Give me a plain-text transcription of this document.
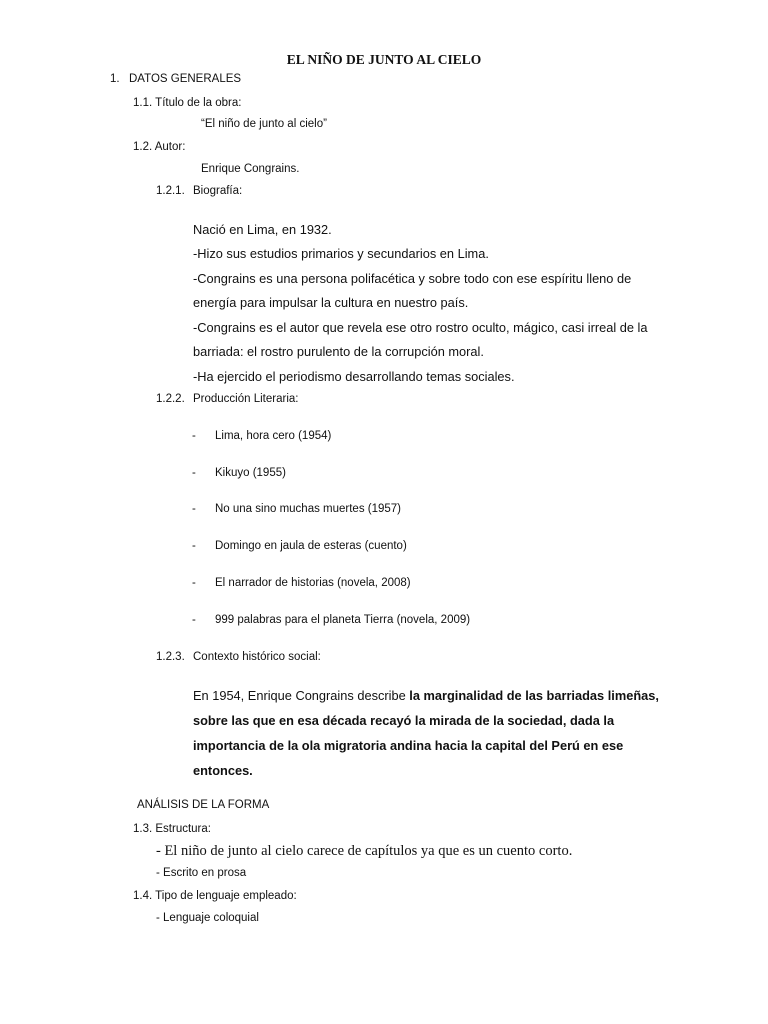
EL NIÑO DE JUNTO AL CIELO
1. DATOS GENERALES
1.1. Título de la obra:
“El niño de junto al cielo”
1.2. Autor:
Enrique Congrains.
1.2.1. Biografía:
Nació en Lima, en 1932.
-Hizo sus estudios primarios y secundarios en Lima.
-Congrains es una persona polifacética y sobre todo con ese espíritu lleno de
energía para impulsar la cultura en nuestro país.
-Congrains es el autor que revela ese otro rostro oculto, mágico, casi irreal de la
barriada: el rostro purulento de la corrupción moral.
-Ha ejercido el periodismo desarrollando temas sociales.
1.2.2. Producción Literaria:
- Lima, hora cero (1954)
- Kikuyo (1955)
- No una sino muchas muertes (1957)
- Domingo en jaula de esteras (cuento)
- El narrador de historias (novela, 2008)
- 999 palabras para el planeta Tierra (novela, 2009)
1.2.3. Contexto histórico social:
En 1954, Enrique Congrains describe la marginalidad de las barriadas limeñas,
sobre las que en esa década recayó la mirada de la sociedad, dada la
importancia de la ola migratoria andina hacia la capital del Perú en ese
entonces.
ANÁLISIS DE LA FORMA
1.3. Estructura:
- El niño de junto al cielo carece de capítulos ya que es un cuento corto.
- Escrito en prosa
1.4. Tipo de lenguaje empleado:
- Lenguaje coloquial
